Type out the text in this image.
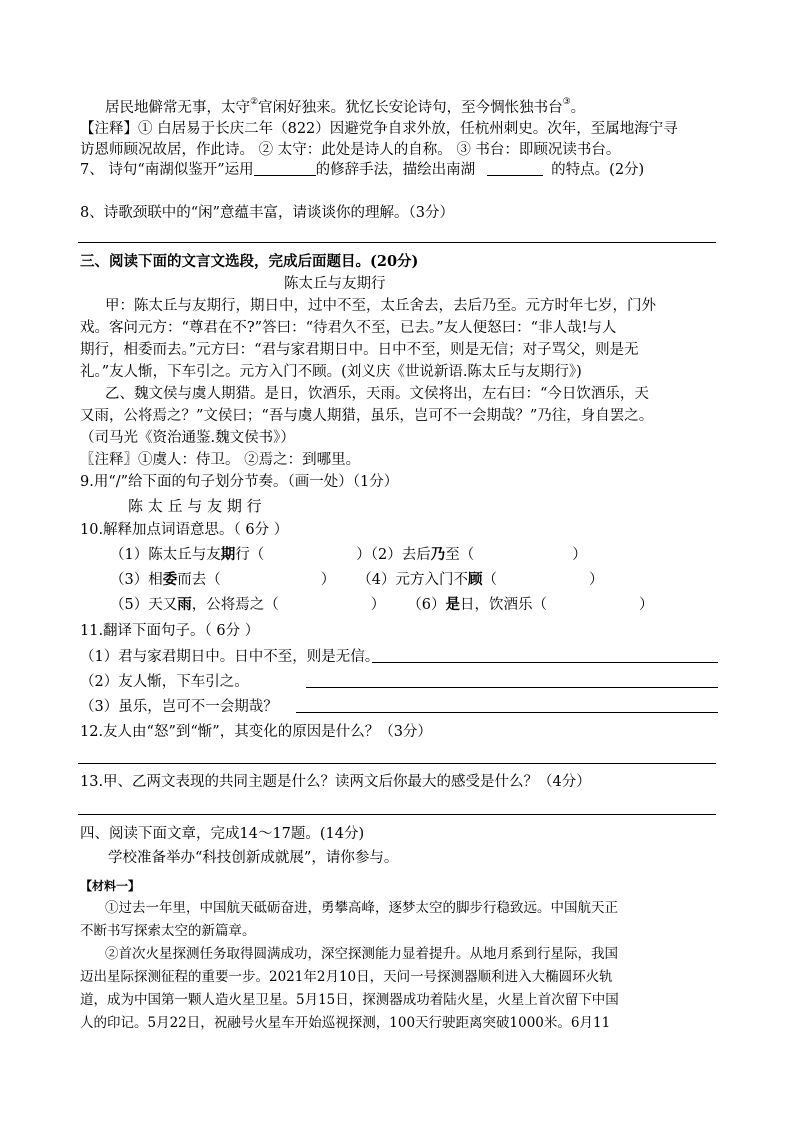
居民地僻常无事，太守②官闲好独来。犹忆长安论诗句，至今惆怅独书台③。
【注释】① 白居易于长庆二年（822）因避党争自求外放，任杭州刺史。次年，至属地海宁寻
访恩师顾况故居，作此诗。 ② 太守：此处是诗人的自称。 ③ 书台：即顾况读书台。
7、 诗句“南湖似鉴开”运用	的修辞手法，描绘出南湖	的特点。(2分)
8、诗歌颈联中的“闲”意蕴丰富，请谈谈你的理解。（3分）
三、阅读下面的文言文选段，完成后面题目。(20分)
陈太丘与友期行
甲：陈太丘与友期行，期日中，过中不至，太丘舍去，去后乃至。元方时年七岁，门外
戏。客问元方：“尊君在不?”答曰：“待君久不至，已去。”友人便怒曰：“非人哉!与人
期行，相委而去。”元方曰：“君与家君期日中。日中不至，则是无信；对子骂父，则是无
礼。”友人惭，下车引之。元方入门不顾。(刘义庆《世说新语.陈太丘与友期行》)
乙、魏文侯与虞人期猎。是日，饮酒乐，天雨。文侯将出，左右曰：“今日饮酒乐，天
又雨，公将焉之？”文侯曰；“吾与虞人期猎，虽乐，岂可不一会期哉？”乃往，身自罢之。
（司马光《资治通鉴.魏文侯书》）
〖注释〗①虞人：侍卫。 ②焉之：到哪里。
9.用“/”给下面的句子划分节奏。（画一处）（1分）
陈 太 丘 与 友 期 行
10.解释加点词语意思。（ 6分 ）
（1）陈太丘与友期行（	）（2）去后乃至（	）
（3）相委而去（	） （4）元方入门不顾（	）
（5）天又雨，公将焉之（	） （6）是日，饮酒乐（	）
11.翻译下面句子。（ 6分 ）
（1）君与家君期日中。日中不至，则是无信。
（2）友人惭，下车引之。
（3）虽乐，岂可不一会期哉？
12.友人由“怒”到“惭”，其变化的原因是什么？（3分）
13.甲、乙两文表现的共同主题是什么？读两文后你最大的感受是什么？（4分）
四、阅读下面文章，完成14～17题。(14分)
学校准备举办“科技创新成就展”，请你参与。
【材料一】
①过去一年里，中国航天砥砺奋进，勇攀高峰，逐梦太空的脚步行稳致远。中国航天正
不断书写探索太空的新篇章。
②首次火星探测任务取得圆满成功，深空探测能力显着提升。从地月系到行星际，我国
迈出星际探测征程的重要一步。2021年2月10日，天问一号探测器顺利进入大椭圆环火轨
道，成为中国第一颗人造火星卫星。5月15日，探测器成功着陆火星，火星上首次留下中国
人的印记。5月22日，祝融号火星车开始巡视探测，100天行驶距离突破1000米。6月11
